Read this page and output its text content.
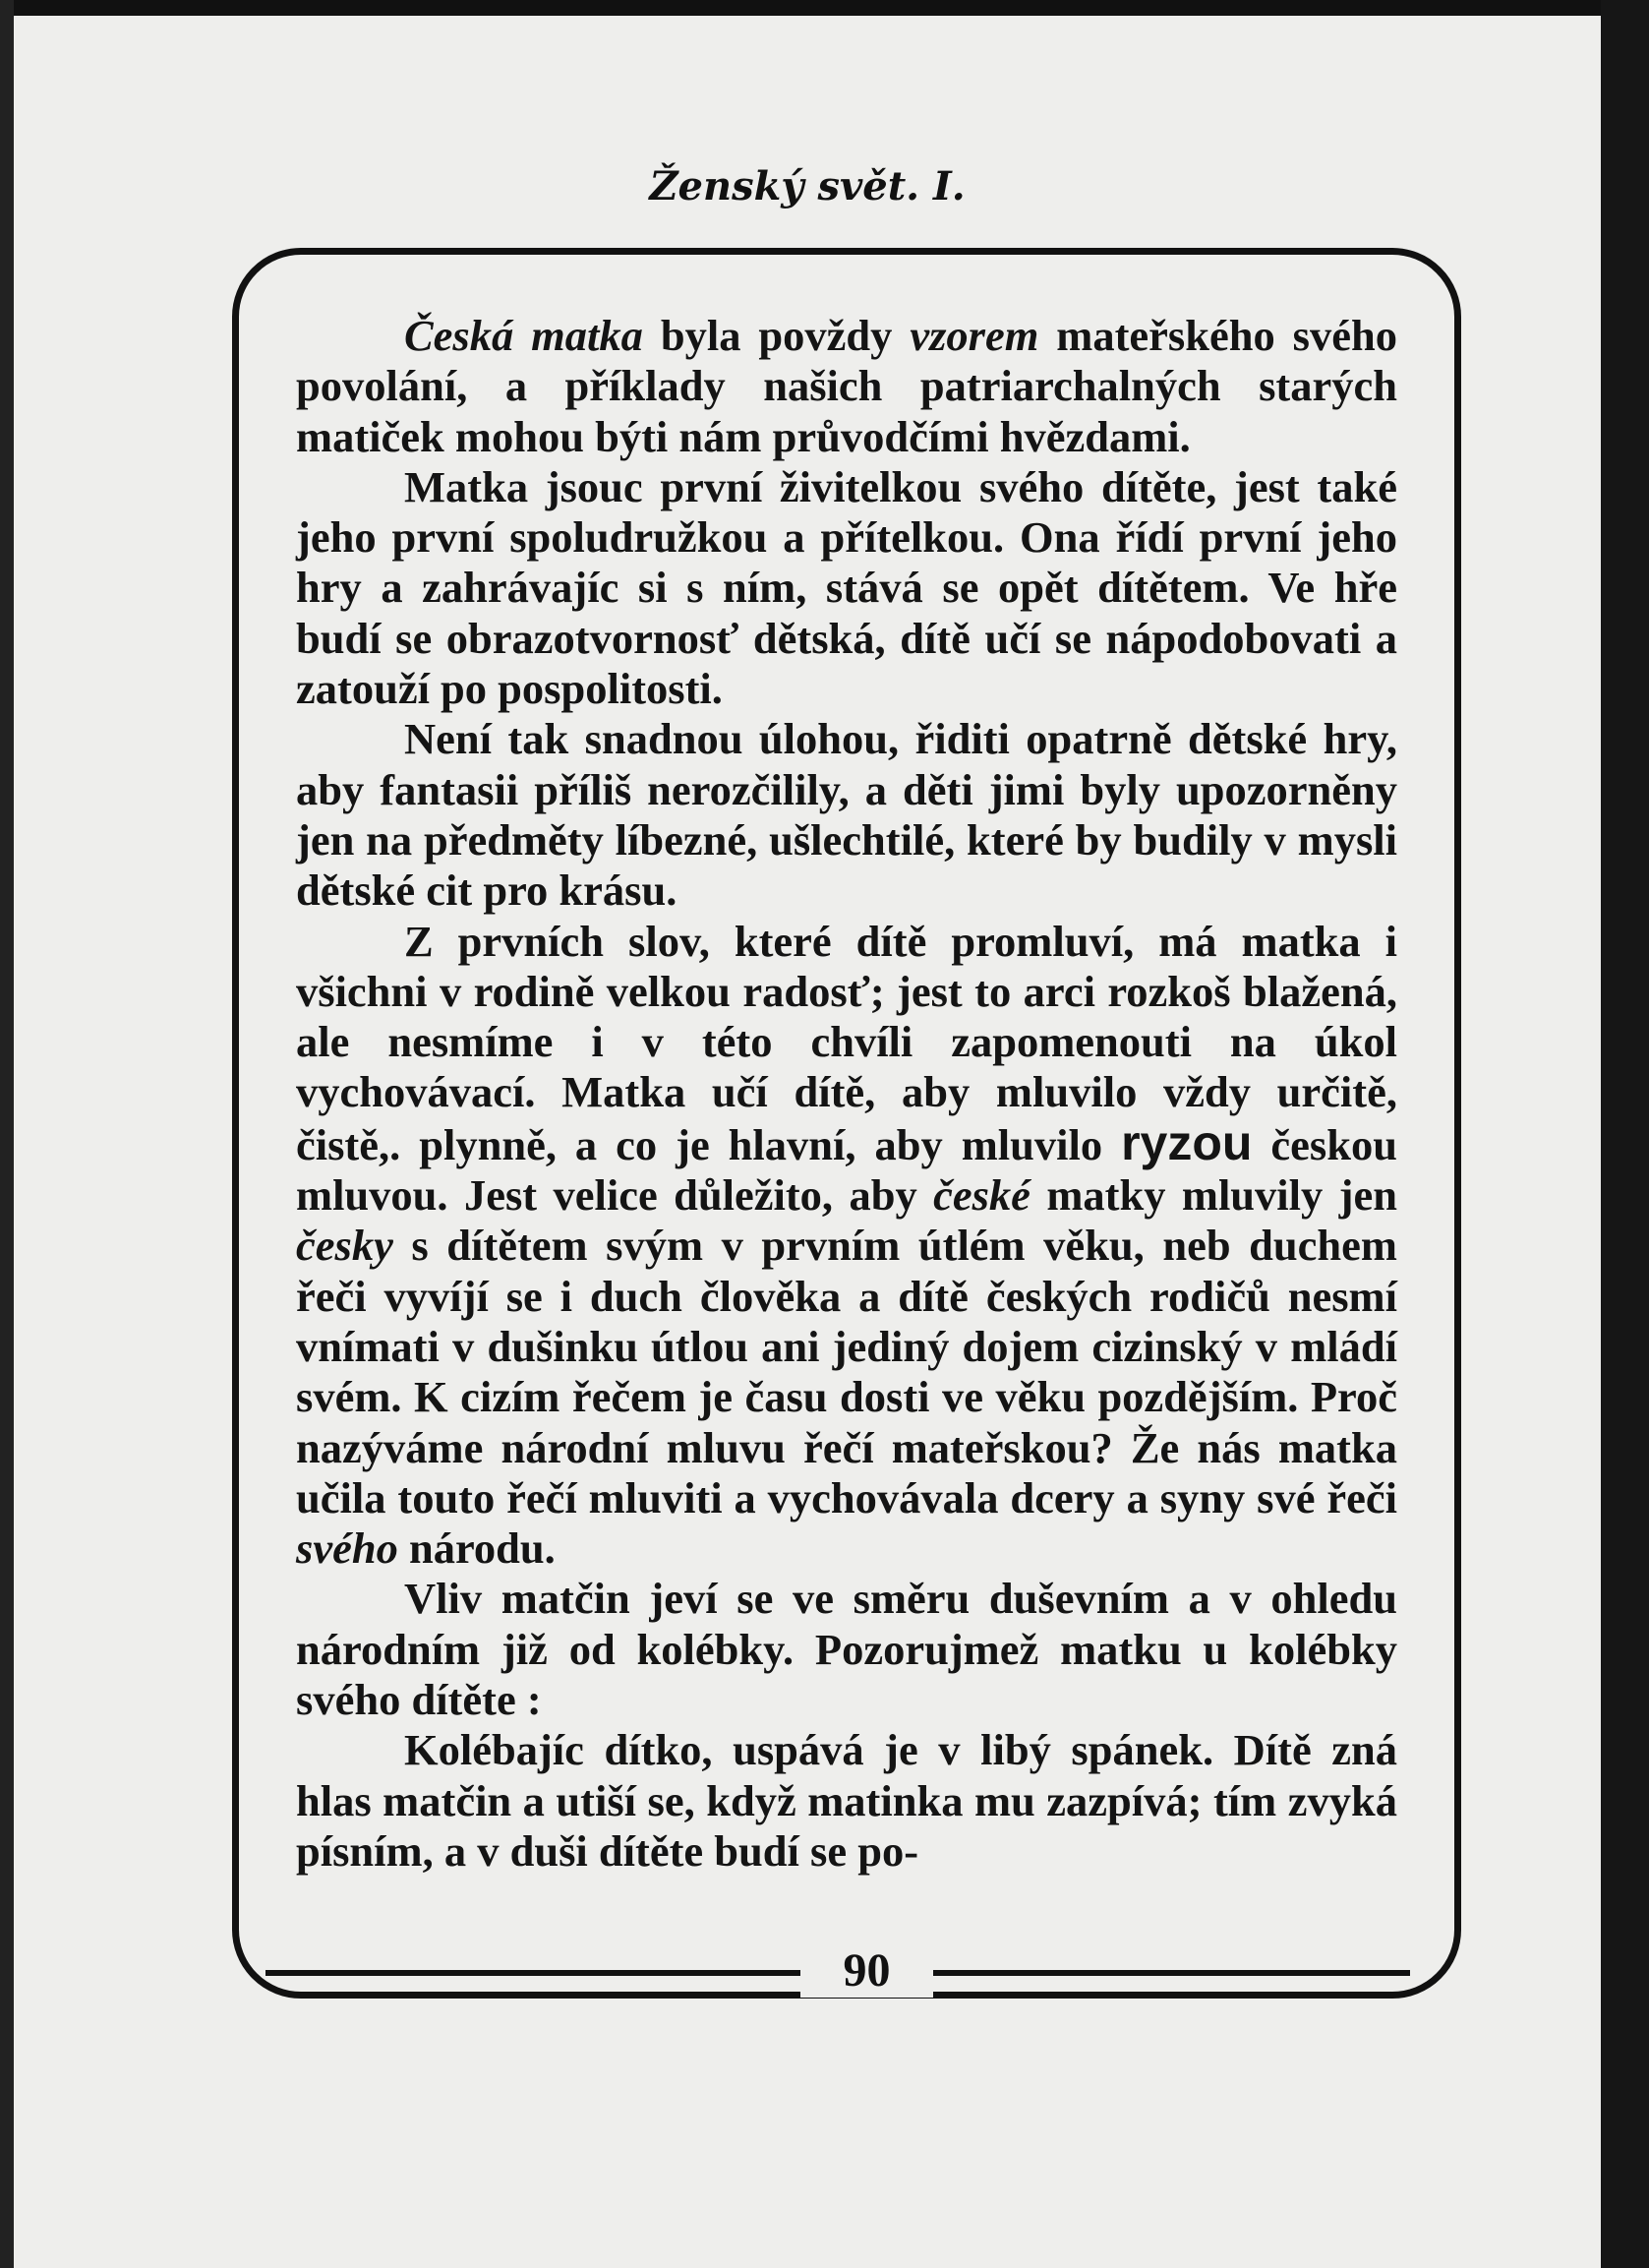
Ženský svět. I.

Česká matka byla povždy vzorem mateřského svého povolání, a příklady našich patriarchalných starých matiček mohou býti nám průvodčími hvězdami.

Matka jsouc první živitelkou svého dítěte, jest také jeho první spoludružkou a přítelkou. Ona řídí první jeho hry a zahrávajíc si s ním, stává se opět dítětem. Ve hře budí se obrazotvornosť dětská, dítě učí se nápodobovati a zatouží po pospolitosti.

Není tak snadnou úlohou, řiditi opatrně dětské hry, aby fantasii příliš nerozčilily, a děti jimi byly upozorněny jen na předměty líbezné, ušlechtilé, které by budily v mysli dětské cit pro krásu.

Z prvních slov, které dítě promluví, má matka i všichni v rodině velkou radosť; jest to arci rozkoš blažená, ale nesmíme i v této chvíli zapomenouti na úkol vychovávací. Matka učí dítě, aby mluvilo vždy určitě, čistě,. plynně, a co je hlavní, aby mluvilo ryzou českou mluvou. Jest velice důležito, aby české matky mluvily jen česky s dítětem svým v prvním útlém věku, neb duchem řeči vyvíjí se i duch člověka a dítě českých rodičů nesmí vnímati v dušinku útlou ani jediný dojem cizinský v mládí svém. K cizím řečem je času dosti ve věku pozdějším. Proč nazýváme národní mluvu řečí mateřskou? Že nás matka učila touto řečí mluviti a vychovávala dcery a syny své řeči svého národu.

Vliv matčin jeví se ve směru duševním a v ohledu národním již od kolébky. Pozorujmež matku u kolébky svého dítěte :

Kolébajíc dítko, uspává je v libý spánek. Dítě zná hlas matčin a utiší se, když matinka mu zazpívá; tím zvyká písním, a v duši dítěte budí se po-

90
